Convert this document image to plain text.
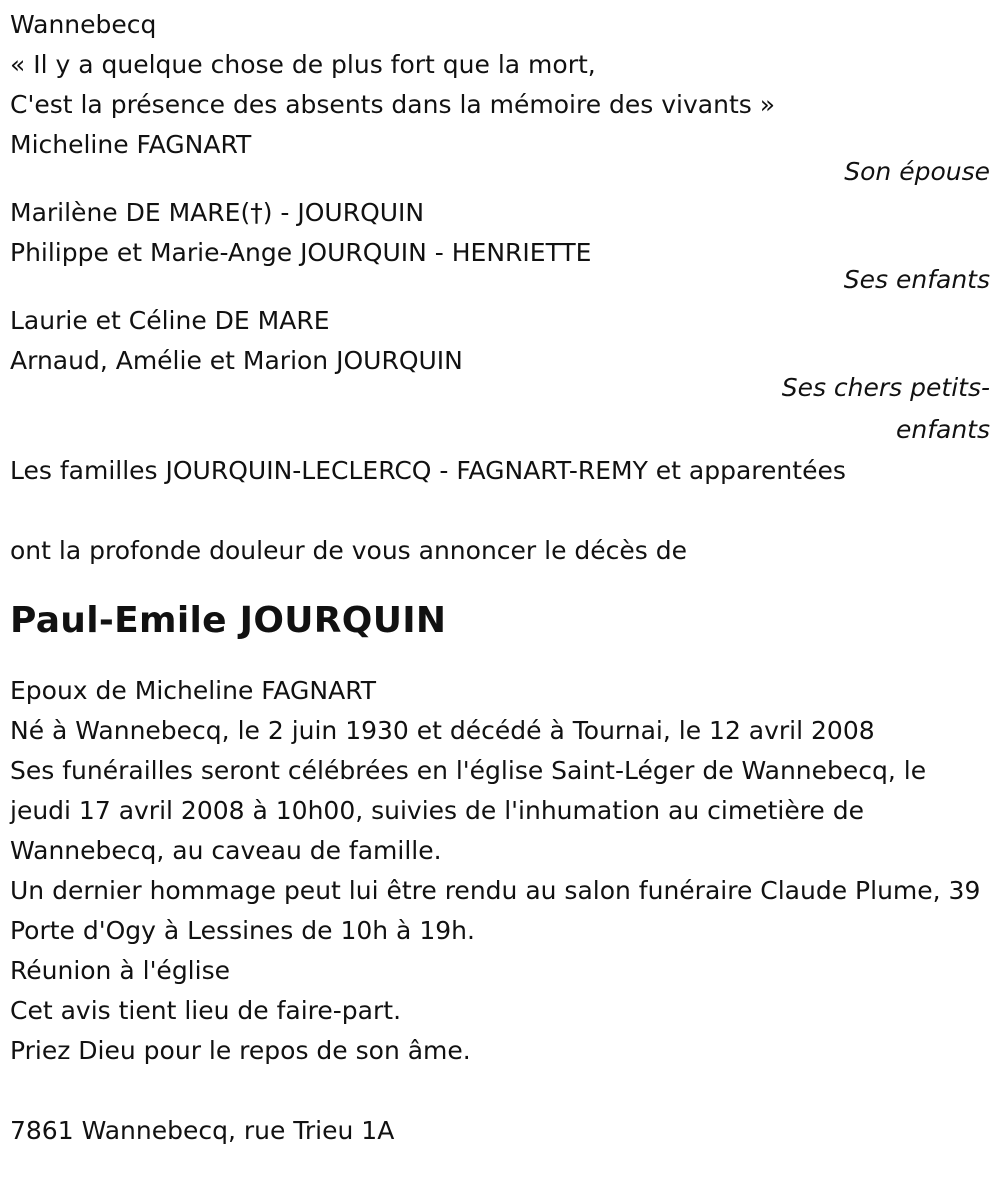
Wannebecq
« Il y a quelque chose de plus fort que la mort,
C'est la présence des absents dans la mémoire des vivants »
Micheline FAGNART
Son épouse
Marilène DE MARE(†) - JOURQUIN
Philippe et Marie-Ange JOURQUIN - HENRIETTE
Ses enfants
Laurie et Céline DE MARE
Arnaud, Amélie et Marion JOURQUIN
Ses chers petits-enfants
Les familles JOURQUIN-LECLERCQ - FAGNART-REMY et apparentées
ont la profonde douleur de vous annoncer le décès de
Paul-Emile JOURQUIN
Epoux de Micheline FAGNART
Né à Wannebecq, le 2 juin 1930 et décédé à Tournai, le 12 avril 2008
Ses funérailles seront célébrées en l'église Saint-Léger de Wannebecq, le jeudi 17 avril 2008 à 10h00, suivies de l'inhumation au cimetière de Wannebecq, au caveau de famille.
Un dernier hommage peut lui être rendu au salon funéraire Claude Plume, 39 Porte d'Ogy à Lessines de 10h à 19h.
Réunion à l'église
Cet avis tient lieu de faire-part.
Priez Dieu pour le repos de son âme.
7861 Wannebecq, rue Trieu 1A
